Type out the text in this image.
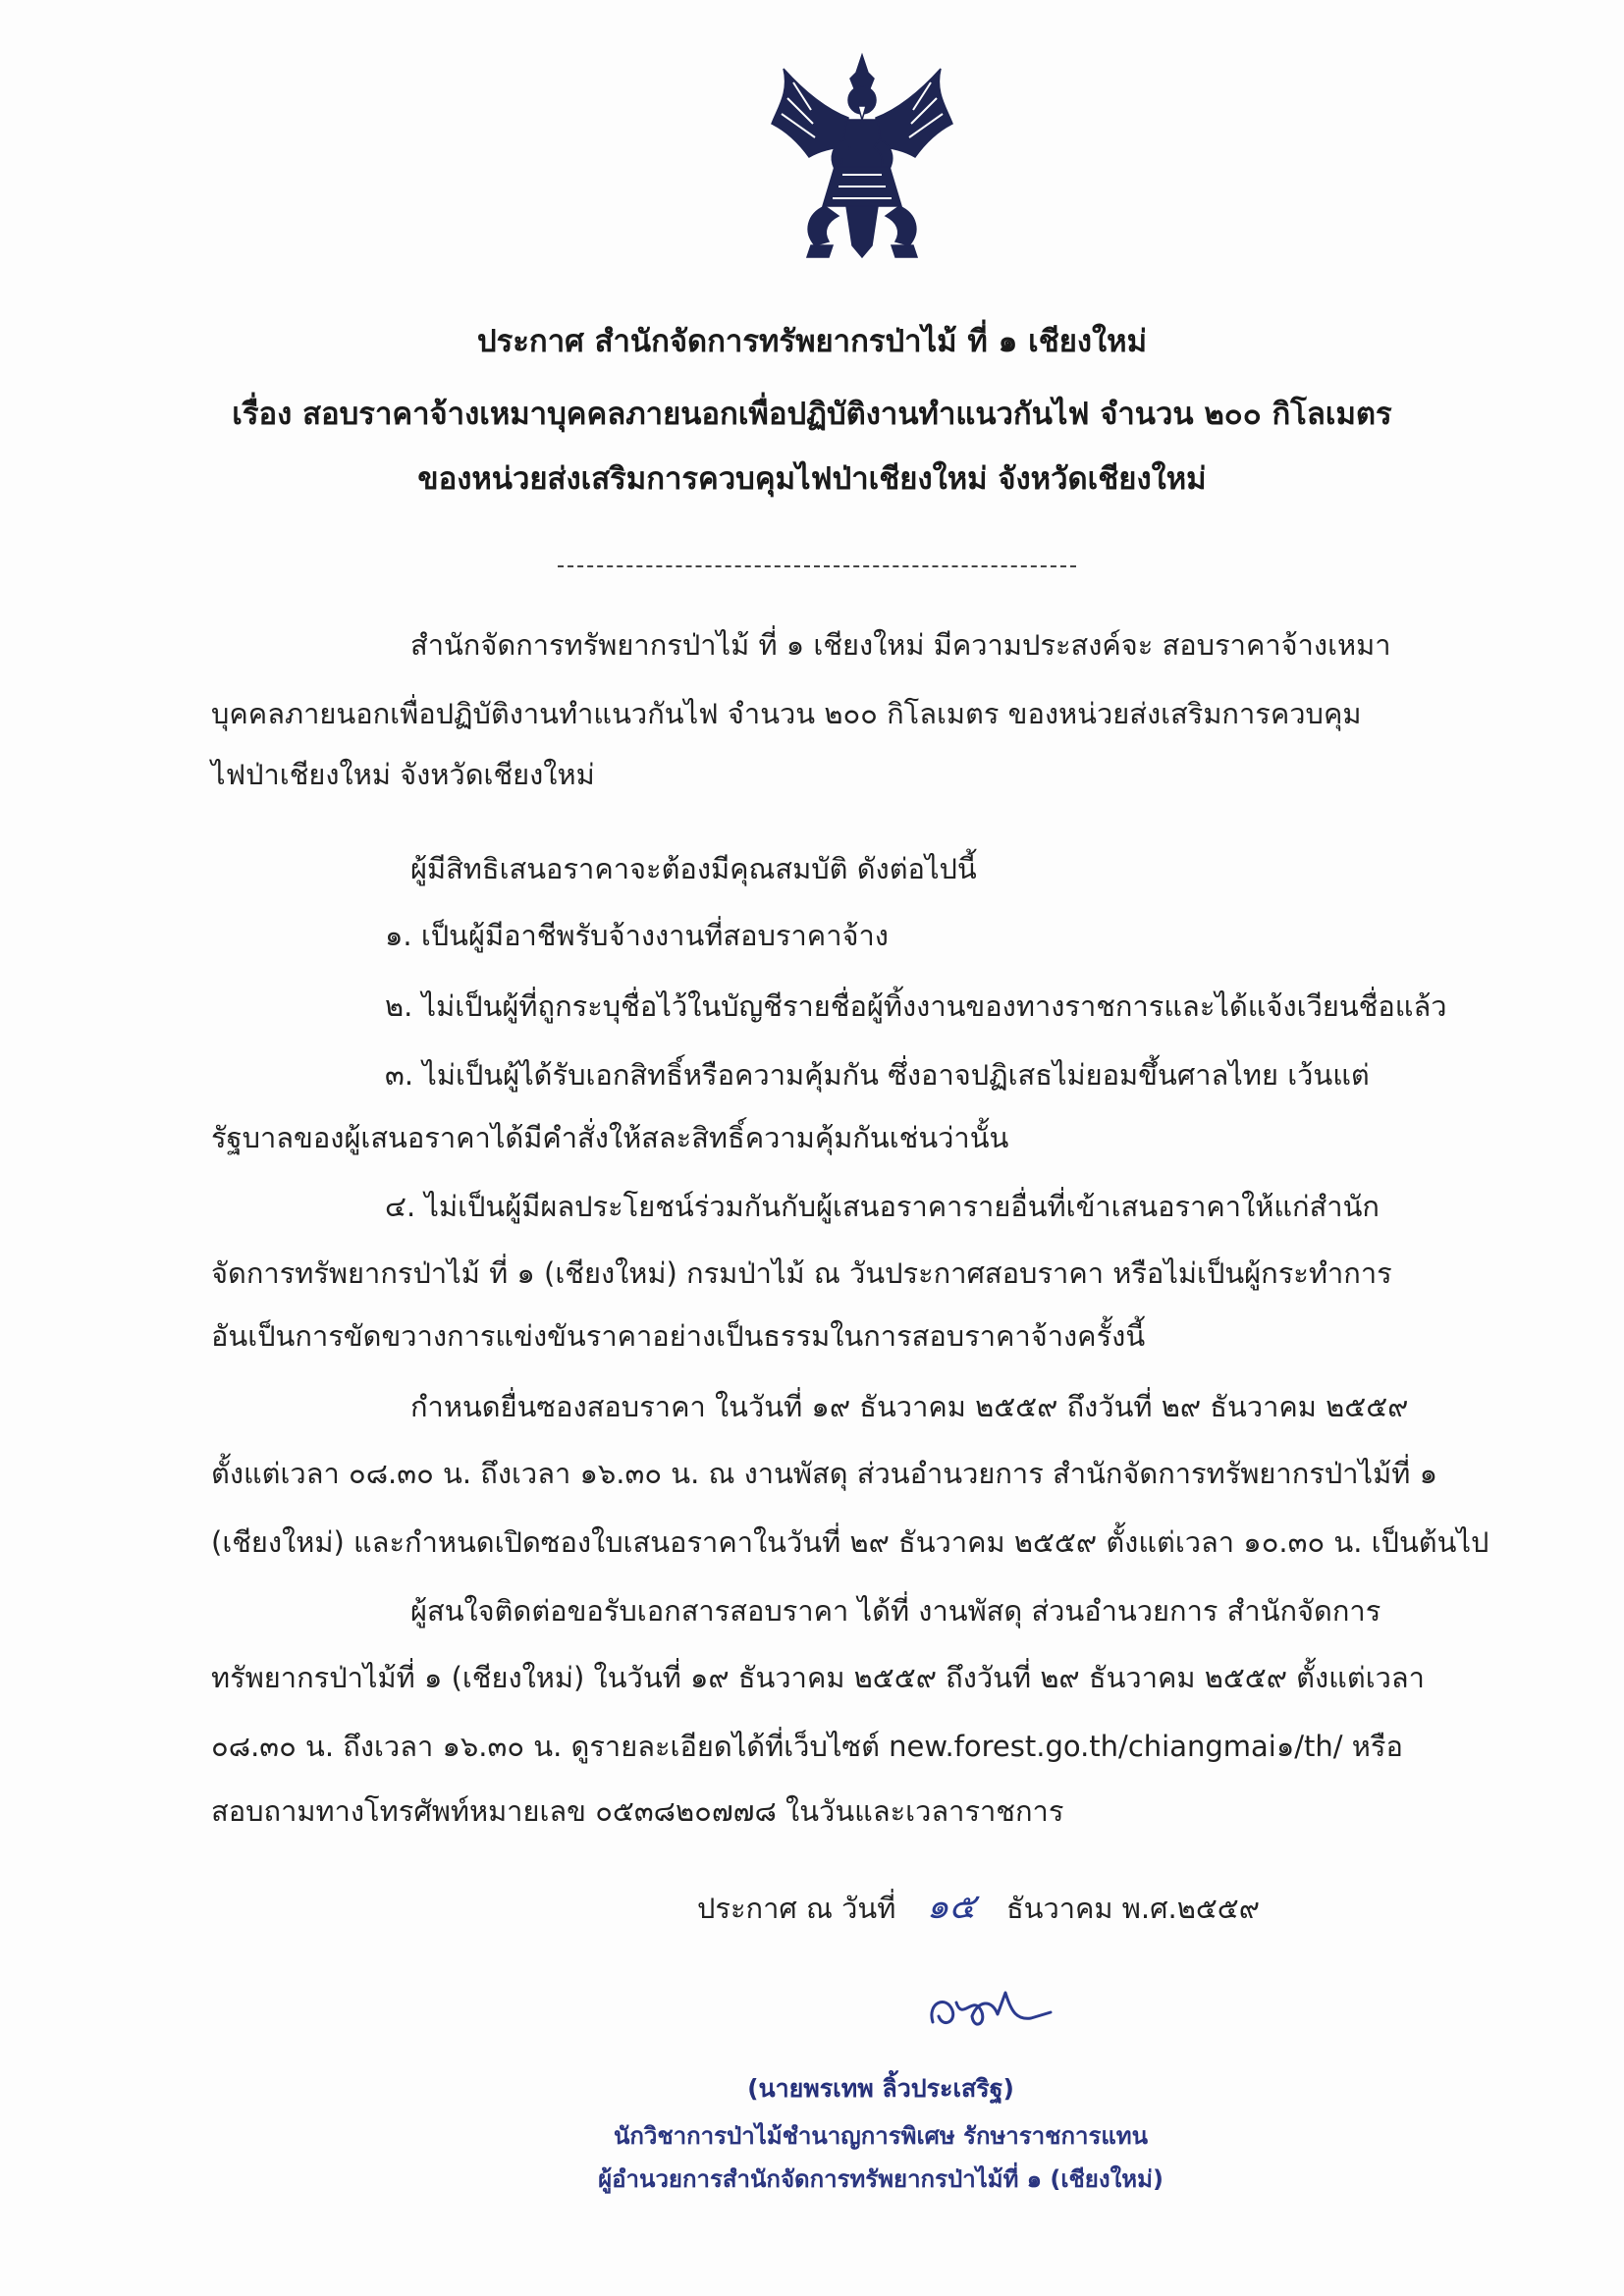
ประกาศ สำนักจัดการทรัพยากรป่าไม้ ที่ ๑ เชียงใหม่
เรื่อง สอบราคาจ้างเหมาบุคคลภายนอกเพื่อปฏิบัติงานทำแนวกันไฟ จำนวน ๒๐๐ กิโลเมตร
ของหน่วยส่งเสริมการควบคุมไฟป่าเชียงใหม่ จังหวัดเชียงใหม่
สำนักจัดการทรัพยากรป่าไม้ ที่ ๑ เชียงใหม่ มีความประสงค์จะ สอบราคาจ้างเหมา
บุคคลภายนอกเพื่อปฏิบัติงานทำแนวกันไฟ จำนวน ๒๐๐ กิโลเมตร ของหน่วยส่งเสริมการควบคุม
ไฟป่าเชียงใหม่ จังหวัดเชียงใหม่
ผู้มีสิทธิเสนอราคาจะต้องมีคุณสมบัติ ดังต่อไปนี้
๑. เป็นผู้มีอาชีพรับจ้างงานที่สอบราคาจ้าง
๒. ไม่เป็นผู้ที่ถูกระบุชื่อไว้ในบัญชีรายชื่อผู้ทิ้งงานของทางราชการและได้แจ้งเวียนชื่อแล้ว
๓. ไม่เป็นผู้ได้รับเอกสิทธิ์หรือความคุ้มกัน ซึ่งอาจปฏิเสธไม่ยอมขึ้นศาลไทย เว้นแต่
รัฐบาลของผู้เสนอราคาได้มีคำสั่งให้สละสิทธิ์ความคุ้มกันเช่นว่านั้น
๔. ไม่เป็นผู้มีผลประโยชน์ร่วมกันกับผู้เสนอราคารายอื่นที่เข้าเสนอราคาให้แก่สำนัก
จัดการทรัพยากรป่าไม้ ที่ ๑ (เชียงใหม่) กรมป่าไม้ ณ วันประกาศสอบราคา หรือไม่เป็นผู้กระทำการ
อันเป็นการขัดขวางการแข่งขันราคาอย่างเป็นธรรมในการสอบราคาจ้างครั้งนี้
กำหนดยื่นซองสอบราคา ในวันที่ ๑๙ ธันวาคม ๒๕๕๙ ถึงวันที่ ๒๙ ธันวาคม ๒๕๕๙
ตั้งแต่เวลา ๐๘.๓๐ น. ถึงเวลา ๑๖.๓๐ น. ณ งานพัสดุ ส่วนอำนวยการ สำนักจัดการทรัพยากรป่าไม้ที่ ๑
(เชียงใหม่) และกำหนดเปิดซองใบเสนอราคาในวันที่ ๒๙ ธันวาคม ๒๕๕๙ ตั้งแต่เวลา ๑๐.๓๐ น. เป็นต้นไป
ผู้สนใจติดต่อขอรับเอกสารสอบราคา ได้ที่ งานพัสดุ ส่วนอำนวยการ สำนักจัดการ
ทรัพยากรป่าไม้ที่ ๑ (เชียงใหม่) ในวันที่ ๑๙ ธันวาคม ๒๕๕๙ ถึงวันที่ ๒๙ ธันวาคม ๒๕๕๙ ตั้งแต่เวลา
๐๘.๓๐ น. ถึงเวลา ๑๖.๓๐ น. ดูรายละเอียดได้ที่เว็บไซต์ new.forest.go.th/chiangmai๑/th/ หรือ
สอบถามทางโทรศัพท์หมายเลข ๐๕๓๘๒๐๗๗๘ ในวันและเวลาราชการ
ประกาศ ณ วันที่ ๑๕ ธันวาคม พ.ศ.๒๕๕๙
(นายพรเทพ ลิ้วประเสริฐ)
นักวิชาการป่าไม้ชำนาญการพิเศษ รักษาราชการแทน
ผู้อำนวยการสำนักจัดการทรัพยากรป่าไม้ที่ ๑ (เชียงใหม่)
